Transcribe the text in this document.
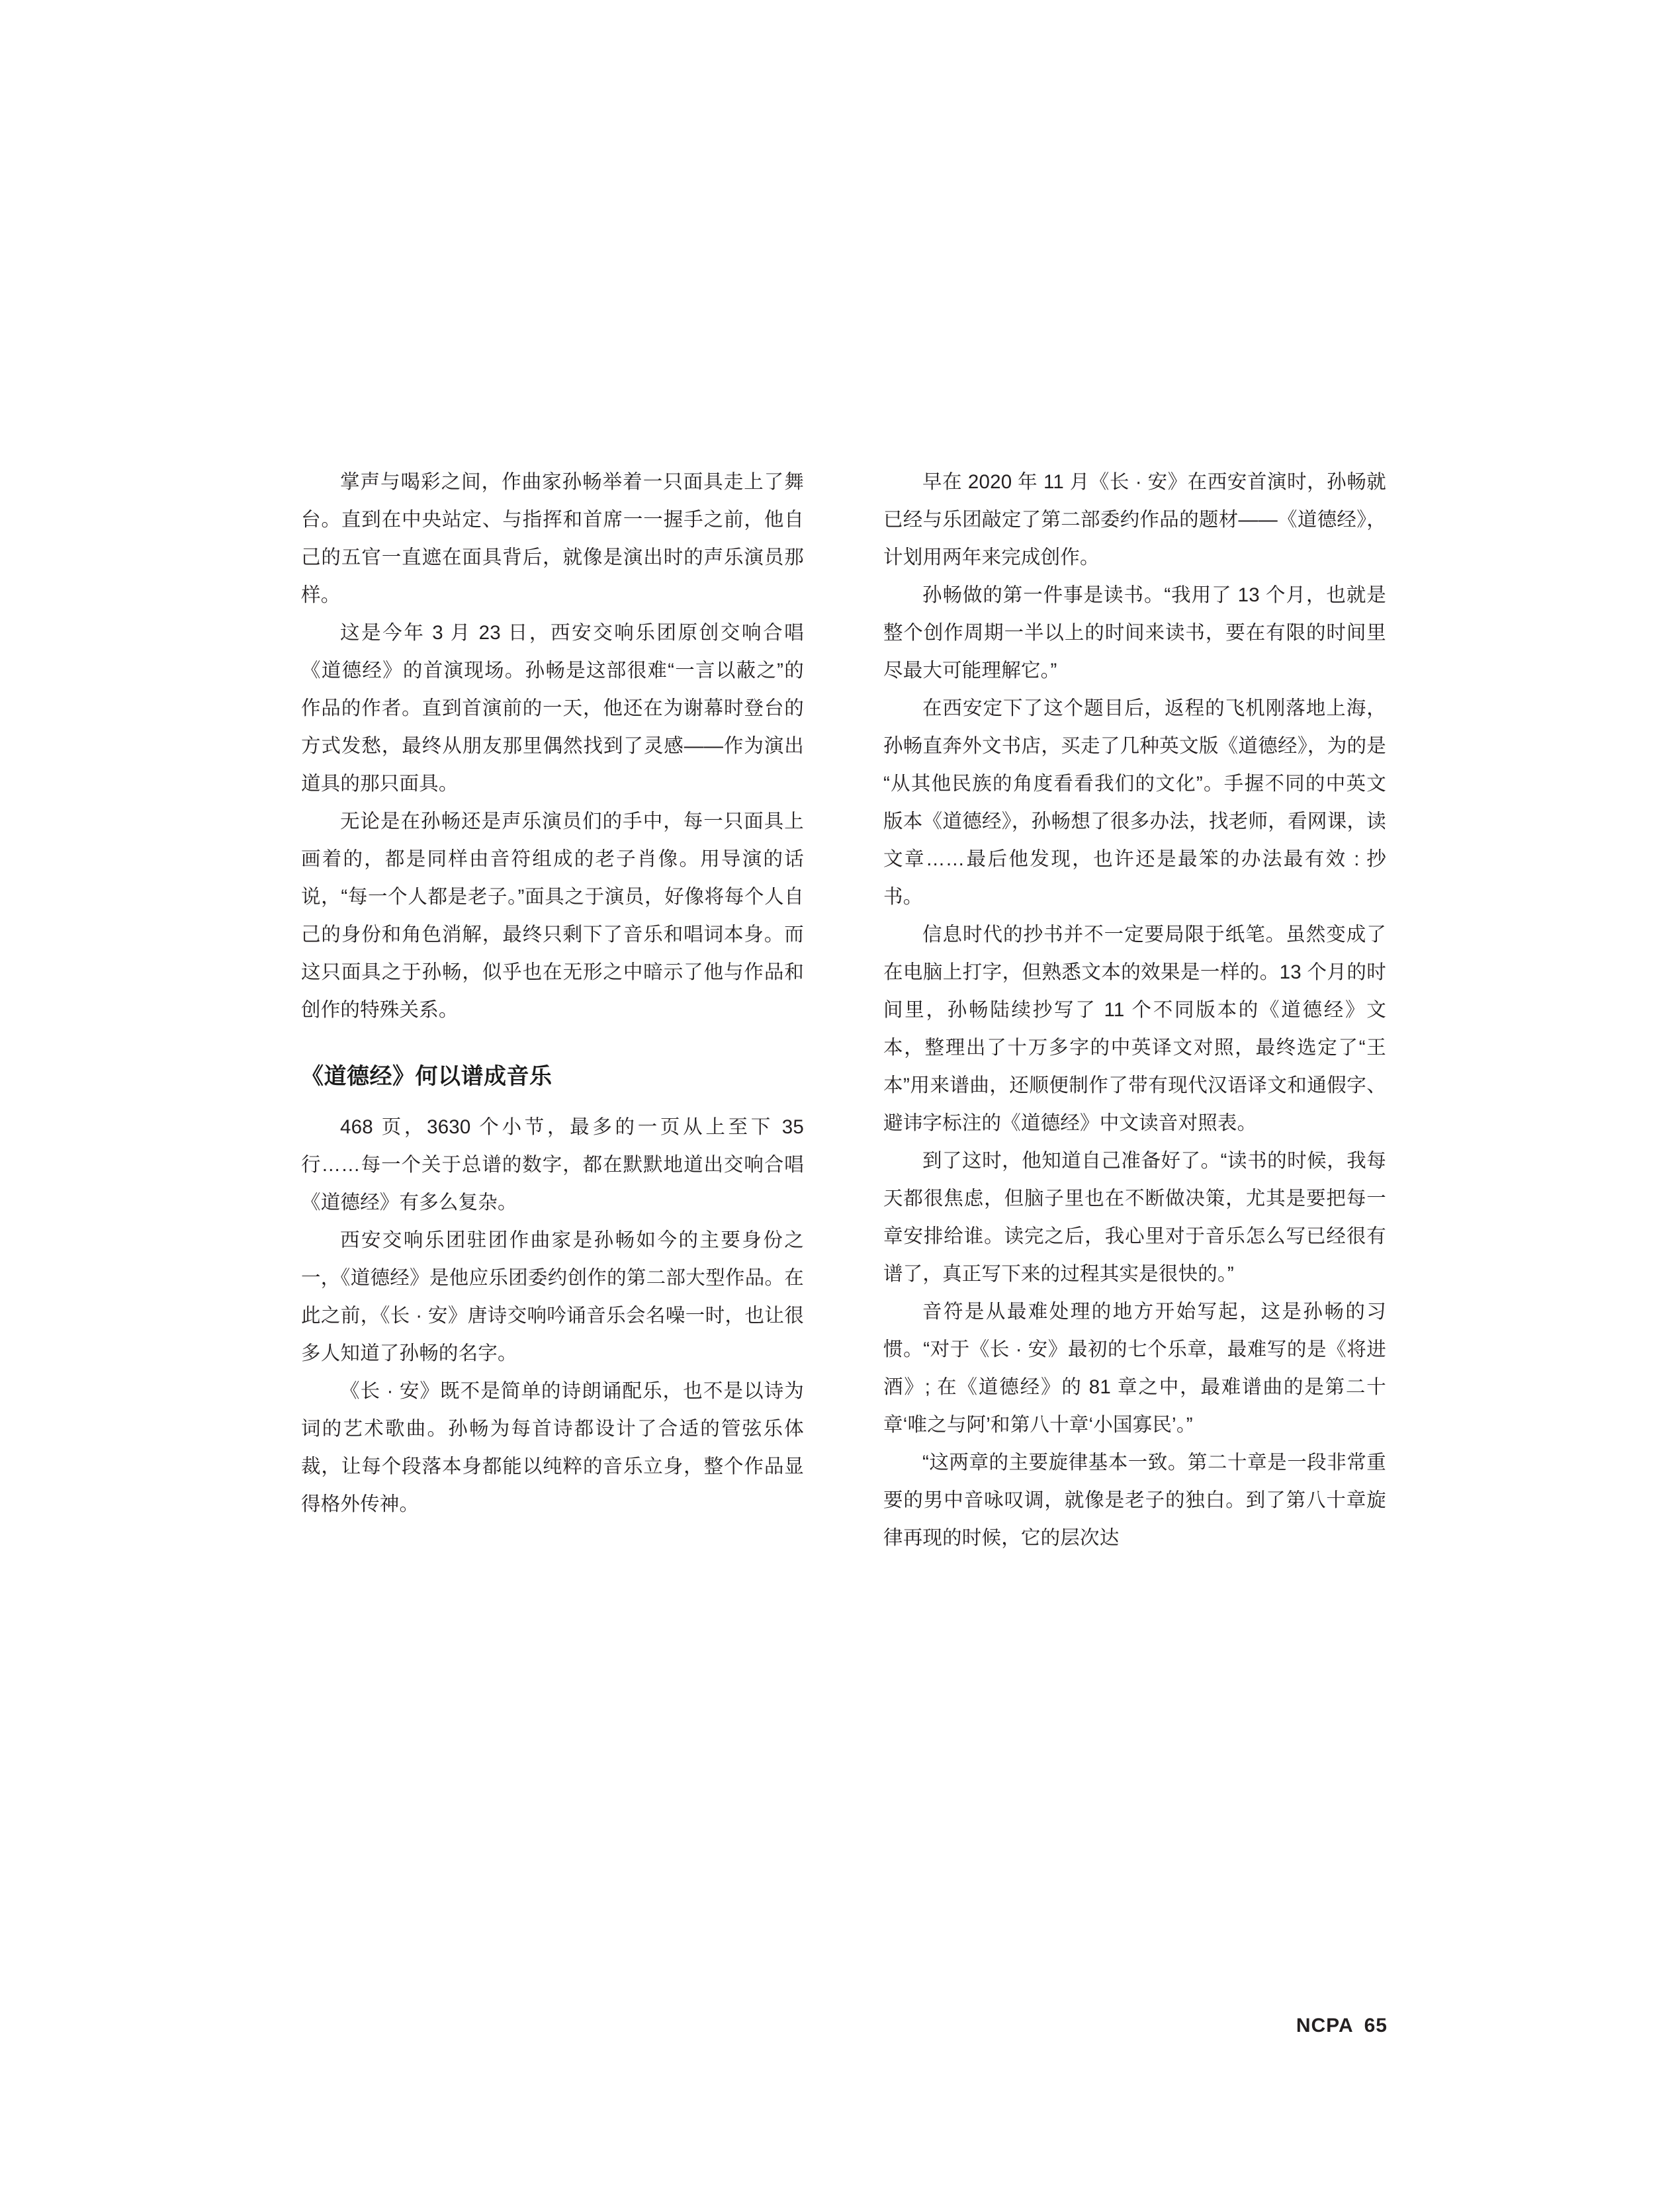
掌声与喝彩之间，作曲家孙畅举着一只面具走上了舞台。直到在中央站定、与指挥和首席一一握手之前，他自己的五官一直遮在面具背后，就像是演出时的声乐演员那样。

这是今年 3 月 23 日，西安交响乐团原创交响合唱《道德经》的首演现场。孙畅是这部很难“一言以蔽之”的作品的作者。直到首演前的一天，他还在为谢幕时登台的方式发愁，最终从朋友那里偶然找到了灵感——作为演出道具的那只面具。

无论是在孙畅还是声乐演员们的手中，每一只面具上画着的，都是同样由音符组成的老子肖像。用导演的话说，“每一个人都是老子。”面具之于演员，好像将每个人自己的身份和角色消解，最终只剩下了音乐和唱词本身。而这只面具之于孙畅，似乎也在无形之中暗示了他与作品和创作的特殊关系。

《道德经》何以谱成音乐

468 页，3630 个小节，最多的一页从上至下 35 行……每一个关于总谱的数字，都在默默地道出交响合唱《道德经》有多么复杂。

西安交响乐团驻团作曲家是孙畅如今的主要身份之一，《道德经》是他应乐团委约创作的第二部大型作品。在此之前，《长 · 安》唐诗交响吟诵音乐会名噪一时，也让很多人知道了孙畅的名字。

《长 · 安》既不是简单的诗朗诵配乐，也不是以诗为词的艺术歌曲。孙畅为每首诗都设计了合适的管弦乐体裁，让每个段落本身都能以纯粹的音乐立身，整个作品显得格外传神。

早在 2020 年 11 月《长 · 安》在西安首演时，孙畅就已经与乐团敲定了第二部委约作品的题材——《道德经》，计划用两年来完成创作。

孙畅做的第一件事是读书。“我用了 13 个月，也就是整个创作周期一半以上的时间来读书，要在有限的时间里尽最大可能理解它。”

在西安定下了这个题目后，返程的飞机刚落地上海，孙畅直奔外文书店，买走了几种英文版《道德经》，为的是“从其他民族的角度看看我们的文化”。手握不同的中英文版本《道德经》，孙畅想了很多办法，找老师，看网课，读文章……最后他发现，也许还是最笨的办法最有效 : 抄书。

信息时代的抄书并不一定要局限于纸笔。虽然变成了在电脑上打字，但熟悉文本的效果是一样的。13 个月的时间里，孙畅陆续抄写了 11 个不同版本的《道德经》文本，整理出了十万多字的中英译文对照，最终选定了“王本”用来谱曲，还顺便制作了带有现代汉语译文和通假字、避讳字标注的《道德经》中文读音对照表。

到了这时，他知道自己准备好了。“读书的时候，我每天都很焦虑，但脑子里也在不断做决策，尤其是要把每一章安排给谁。读完之后，我心里对于音乐怎么写已经很有谱了，真正写下来的过程其实是很快的。”

音符是从最难处理的地方开始写起，这是孙畅的习惯。“对于《长 · 安》最初的七个乐章，最难写的是《将进酒》; 在《道德经》的 81 章之中，最难谱曲的是第二十章‘唯之与阿’和第八十章‘小国寡民’。”

“这两章的主要旋律基本一致。第二十章是一段非常重要的男中音咏叹调，就像是老子的独白。到了第八十章旋律再现的时候，它的层次达

NCPA 65
